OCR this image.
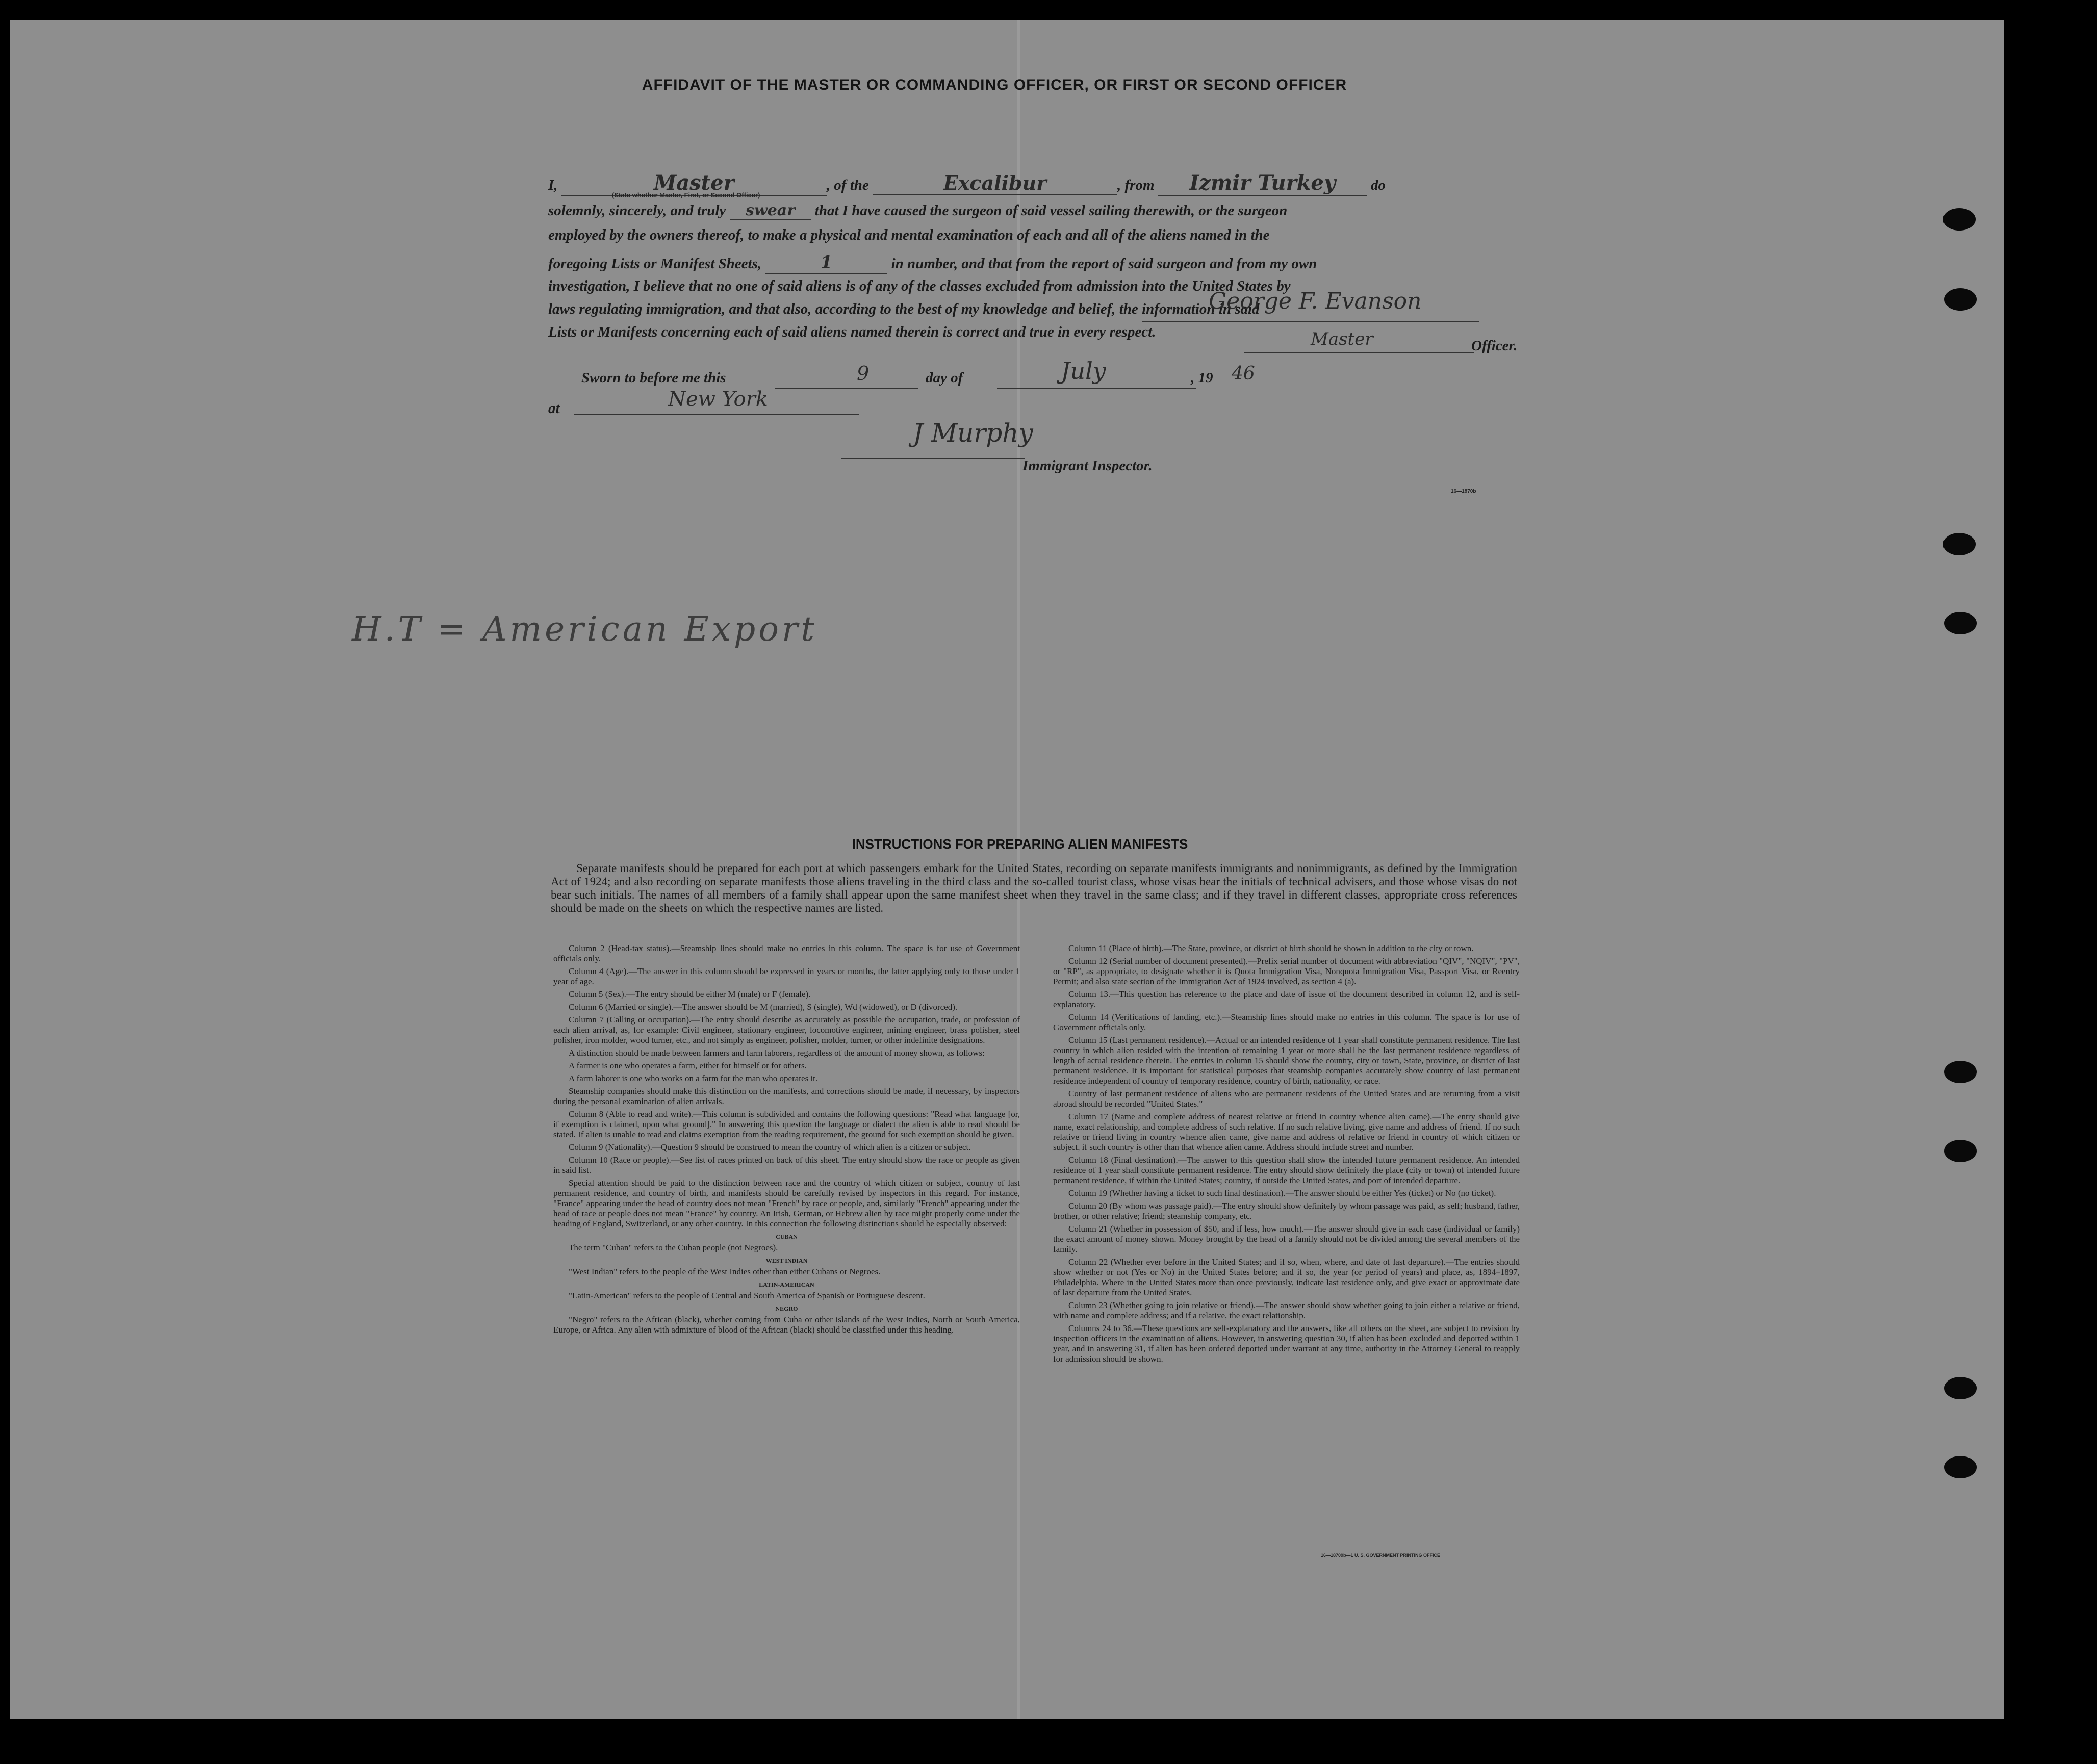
AFFIDAVIT OF THE MASTER OR COMMANDING OFFICER, OR FIRST OR SECOND OFFICER
I,	Master	, of the	Excalibur	, from Izmir Turkey do
(State whether Master, First, or Second Officer)
solemnly, sincerely, and truly swear that I have caused the surgeon of said vessel sailing therewith, or the surgeon
employed by the owners thereof, to make a physical and mental examination of each and all of the aliens named in the
foregoing Lists or Manifest Sheets,	1	in number, and that from the report of said surgeon and from my own
investigation, I believe that no one of said aliens is of any of the classes excluded from admission into the United States by
laws regulating immigration, and that also, according to the best of my knowledge and belief, the information in said
Lists or Manifests concerning each of said aliens named therein is correct and true in every respect.
George F. Evanson
Master	Officer.
Sworn to before me this	9	day of	July	, 19 46
at	New York
J Murphy
Immigrant Inspector.
16—1870b
H.T = American Export
INSTRUCTIONS FOR PREPARING ALIEN MANIFESTS
Separate manifests should be prepared for each port at which passengers embark for the United States, recording on separate manifests immigrants and nonimmigrants, as defined by the Immigration Act of 1924; and also recording on separate manifests those aliens traveling in the third class and the so-called tourist class, whose visas bear the initials of technical advisers, and those whose visas do not bear such initials. The names of all members of a family shall appear upon the same manifest sheet when they travel in the same class; and if they travel in different classes, appropriate cross references should be made on the sheets on which the respective names are listed.

Column 2 (Head-tax status).—Steamship lines should make no entries in this column. The space is for use of Government officials only.

Column 4 (Age).—The answer in this column should be expressed in years or months, the latter applying only to those under 1 year of age.

Column 5 (Sex).—The entry should be either M (male) or F (female).

Column 6 (Married or single).—The answer should be M (married), S (single), Wd (widowed), or D (divorced).

Column 7 (Calling or occupation).—The entry should describe as accurately as possible the occupation, trade, or profession of each alien arrival, as, for example: Civil engineer, stationary engineer, locomotive engineer, mining engineer, brass polisher, steel polisher, iron molder, wood turner, etc., and not simply as engineer, polisher, molder, turner, or other indefinite designations.

A distinction should be made between farmers and farm laborers, regardless of the amount of money shown, as follows:

A farmer is one who operates a farm, either for himself or for others.

A farm laborer is one who works on a farm for the man who operates it.

Steamship companies should make this distinction on the manifests, and corrections should be made, if necessary, by inspectors during the personal examination of alien arrivals.

Column 8 (Able to read and write).—This column is subdivided and contains the following questions: "Read what language [or, if exemption is claimed, upon what ground]." In answering this question the language or dialect the alien is able to read should be stated. If alien is unable to read and claims exemption from the reading requirement, the ground for such exemption should be given.

Column 9 (Nationality).—Question 9 should be construed to mean the country of which alien is a citizen or subject.

Column 10 (Race or people).—See list of races printed on back of this sheet. The entry should show the race or people as given in said list.

Special attention should be paid to the distinction between race and the country of which citizen or subject, country of last permanent residence, and country of birth, and manifests should be carefully revised by inspectors in this regard. For instance, "France" appearing under the head of country does not mean "French" by race or people, and, similarly "French" appearing under the head of race or people does not mean "France" by country. An Irish, German, or Hebrew alien by race might properly come under the heading of England, Switzerland, or any other country. In this connection the following distinctions should be especially observed:

CUBAN

The term "Cuban" refers to the Cuban people (not Negroes).

WEST INDIAN

"West Indian" refers to the people of the West Indies other than either Cubans or Negroes.

LATIN-AMERICAN

"Latin-American" refers to the people of Central and South America of Spanish or Portuguese descent.

NEGRO

"Negro" refers to the African (black), whether coming from Cuba or other islands of the West Indies, North or South America, Europe, or Africa. Any alien with admixture of blood of the African (black) should be classified under this heading.

Column 11 (Place of birth).—The State, province, or district of birth should be shown in addition to the city or town.

Column 12 (Serial number of document presented).—Prefix serial number of document with abbreviation "QIV", "NQIV", "PV", or "RP", as appropriate, to designate whether it is Quota Immigration Visa, Nonquota Immigration Visa, Passport Visa, or Reentry Permit; and also state section of the Immigration Act of 1924 involved, as section 4 (a).

Column 13.—This question has reference to the place and date of issue of the document described in column 12, and is self-explanatory.

Column 14 (Verifications of landing, etc.).—Steamship lines should make no entries in this column. The space is for use of Government officials only.

Column 15 (Last permanent residence).—Actual or an intended residence of 1 year shall constitute permanent residence. The last country in which alien resided with the intention of remaining 1 year or more shall be the last permanent residence regardless of length of actual residence therein. The entries in column 15 should show the country, city or town, State, province, or district of last permanent residence. It is important for statistical purposes that steamship companies accurately show country of last permanent residence independent of country of temporary residence, country of birth, nationality, or race.

Country of last permanent residence of aliens who are permanent residents of the United States and are returning from a visit abroad should be recorded "United States."

Column 17 (Name and complete address of nearest relative or friend in country whence alien came).—The entry should give name, exact relationship, and complete address of such relative. If no such relative living, give name and address of friend. If no such relative or friend living in country whence alien came, give name and address of relative or friend in country of which citizen or subject, if such country is other than that whence alien came. Address should include street and number.

Column 18 (Final destination).—The answer to this question shall show the intended future permanent residence. An intended residence of 1 year shall constitute permanent residence. The entry should show definitely the place (city or town) of intended future permanent residence, if within the United States; country, if outside the United States, and port of intended departure.

Column 19 (Whether having a ticket to such final destination).—The answer should be either Yes (ticket) or No (no ticket).

Column 20 (By whom was passage paid).—The entry should show definitely by whom passage was paid, as self; husband, father, brother, or other relative; friend; steamship company, etc.

Column 21 (Whether in possession of $50, and if less, how much).—The answer should give in each case (individual or family) the exact amount of money shown. Money brought by the head of a family should not be divided among the several members of the family.

Column 22 (Whether ever before in the United States; and if so, when, where, and date of last departure).—The entries should show whether or not (Yes or No) in the United States before; and if so, the year (or period of years) and place, as, 1894–1897, Philadelphia. Where in the United States more than once previously, indicate last residence only, and give exact or approximate date of last departure from the United States.

Column 23 (Whether going to join relative or friend).—The answer should show whether going to join either a relative or friend, with name and complete address; and if a relative, the exact relationship.

Columns 24 to 36.—These questions are self-explanatory and the answers, like all others on the sheet, are subject to revision by inspection officers in the examination of aliens. However, in answering question 30, if alien has been excluded and deported within 1 year, and in answering 31, if alien has been ordered deported under warrant at any time, authority in the Attorney General to reapply for admission should be shown.

16—18709b—1 U. S. GOVERNMENT PRINTING OFFICE
